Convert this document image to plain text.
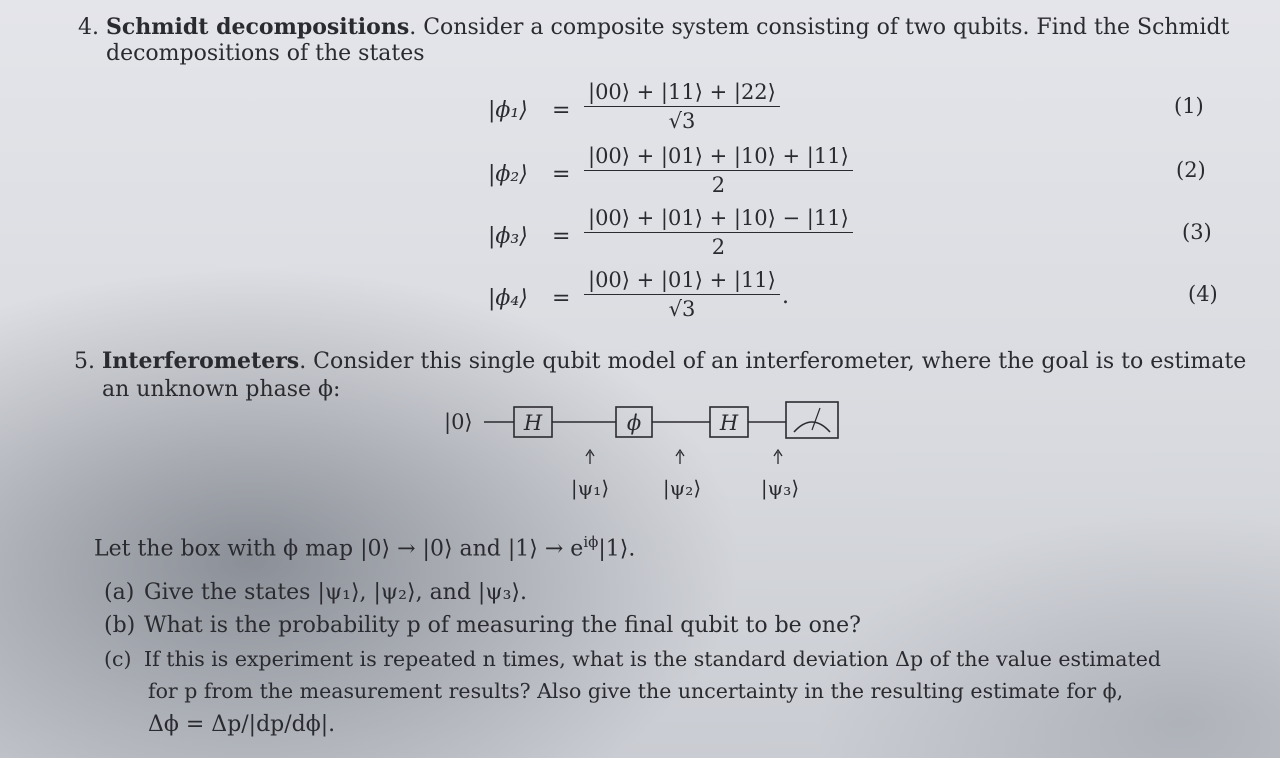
4. Schmidt decompositions. Consider a composite system consisting of two qubits. Find the Schmidt
decompositions of the states
|ϕ₁⟩ = $\frac{|00⟩ + |11⟩ + |22⟩}{√3}$	(1)
|ϕ₂⟩ = $\frac{|00⟩ + |01⟩ + |10⟩ + |11⟩}{2}$	(2)
|ϕ₃⟩ = $\frac{|00⟩ + |01⟩ + |10⟩ - |11⟩}{2}$	(3)
|ϕ₄⟩ = $\frac{|00⟩ + |01⟩ + |11⟩}{√3}$ .	(4)
5. Interferometers. Consider this single qubit model of an interferometer, where the goal is to estimate
an unknown phase ϕ:
|0⟩ H	ϕ	H
|ψ₁⟩	|ψ₂⟩	|ψ₃⟩
Let the box with ϕ map |0⟩ → |0⟩ and |1⟩ → $e^{i\phi}|1⟩$.
(a) Give the states |ψ₁⟩, |ψ₂⟩, and |ψ₃⟩.
(b) What is the probability p of measuring the final qubit to be one?
(c) If this is experiment is repeated n times, what is the standard deviation Δp of the value estimated
for p from the measurement results? Also give the uncertainty in the resulting estimate for ϕ,
Δϕ = Δp/|dp/dϕ|.
